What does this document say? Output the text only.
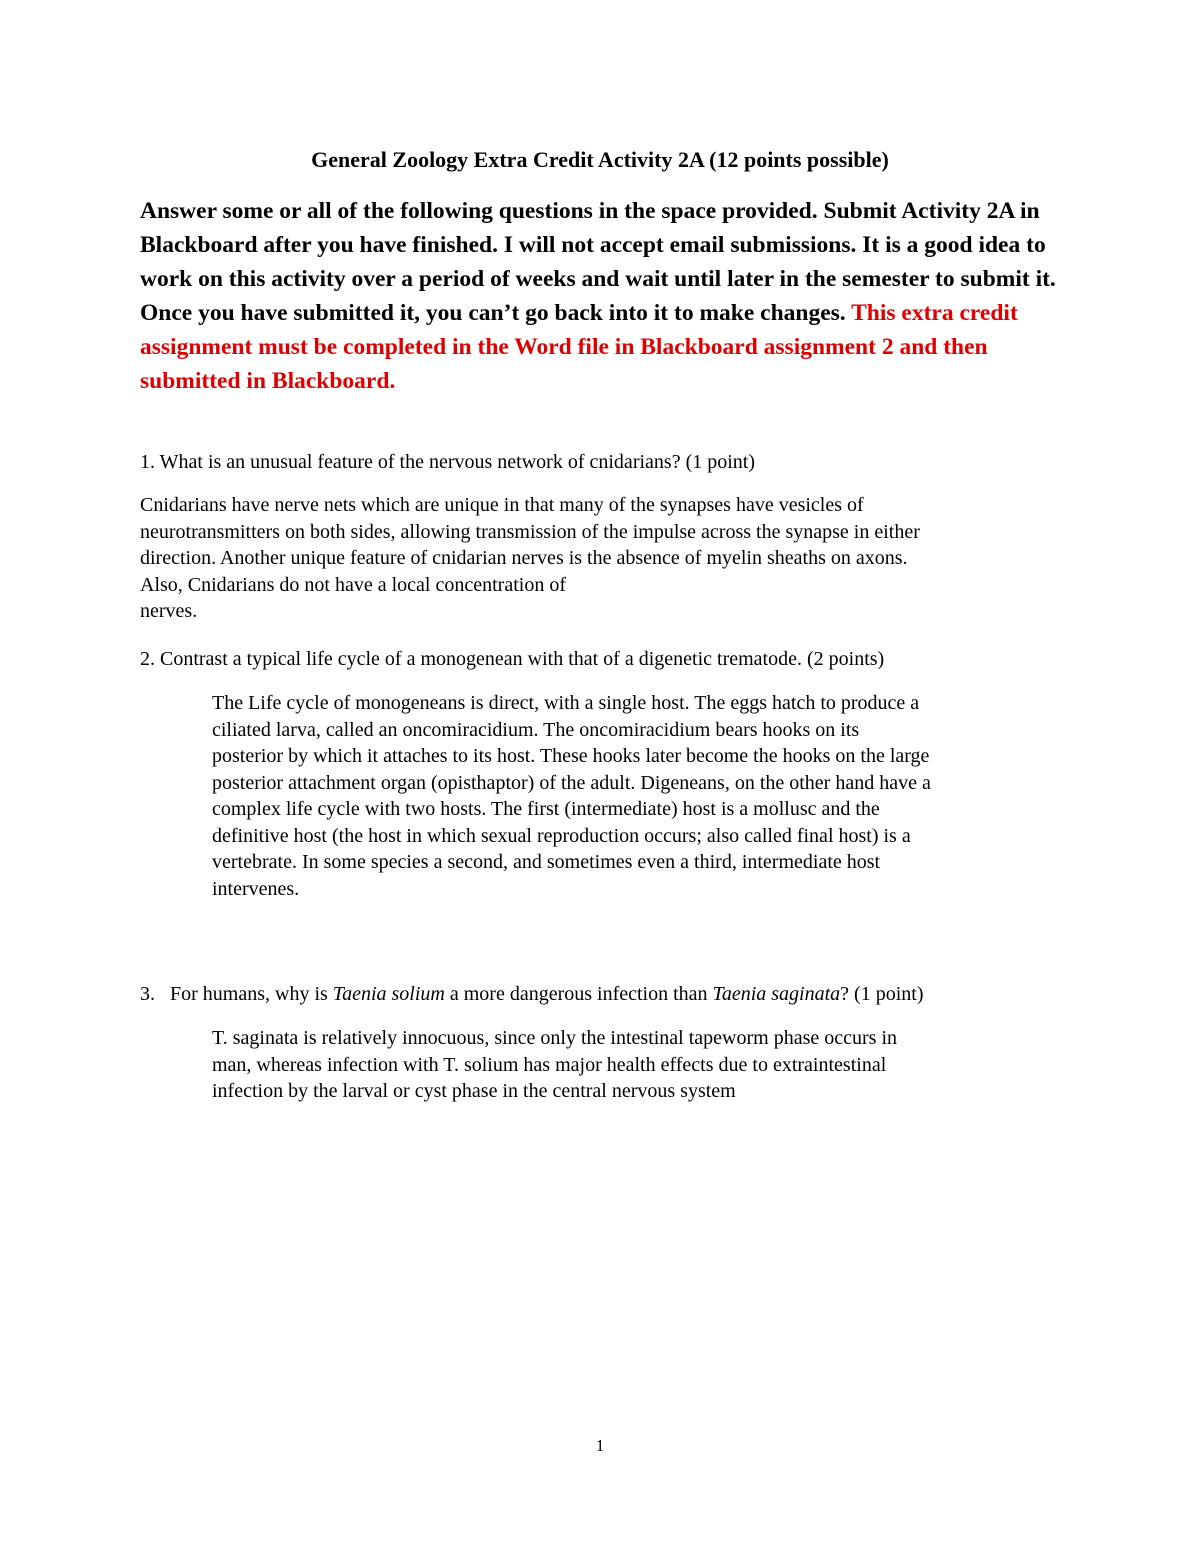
General Zoology Extra Credit Activity 2A (12 points possible)
Answer some or all of the following questions in the space provided. Submit Activity 2A in Blackboard after you have finished. I will not accept email submissions. It is a good idea to work on this activity over a period of weeks and wait until later in the semester to submit it. Once you have submitted it, you can’t go back into it to make changes. This extra credit assignment must be completed in the Word file in Blackboard assignment 2 and then submitted in Blackboard.
1. What is an unusual feature of the nervous network of cnidarians? (1 point)
Cnidarians have nerve nets which are unique in that many of the synapses have vesicles of
neurotransmitters on both sides, allowing transmission of the impulse across the synapse in either
direction. Another unique feature of cnidarian nerves is the absence of myelin sheaths on axons.
Also, Cnidarians do not have a local concentration of
nerves.
2. Contrast a typical life cycle of a monogenean with that of a digenetic trematode. (2 points)
The Life cycle of monogeneans is direct, with a single host. The eggs hatch to produce a
ciliated larva, called an oncomiracidium. The oncomiracidium bears hooks on its
posterior by which it attaches to its host. These hooks later become the hooks on the large
posterior attachment organ (opisthaptor) of the adult. Digeneans, on the other hand have a
complex life cycle with two hosts. The first (intermediate) host is a mollusc and the
definitive host (the host in which sexual reproduction occurs; also called final host) is a
vertebrate. In some species a second, and sometimes even a third, intermediate host
intervenes.
3. For humans, why is Taenia solium a more dangerous infection than Taenia saginata? (1 point)
T. saginata is relatively innocuous, since only the intestinal tapeworm phase occurs in
man, whereas infection with T. solium has major health effects due to extraintestinal
infection by the larval or cyst phase in the central nervous system
1
